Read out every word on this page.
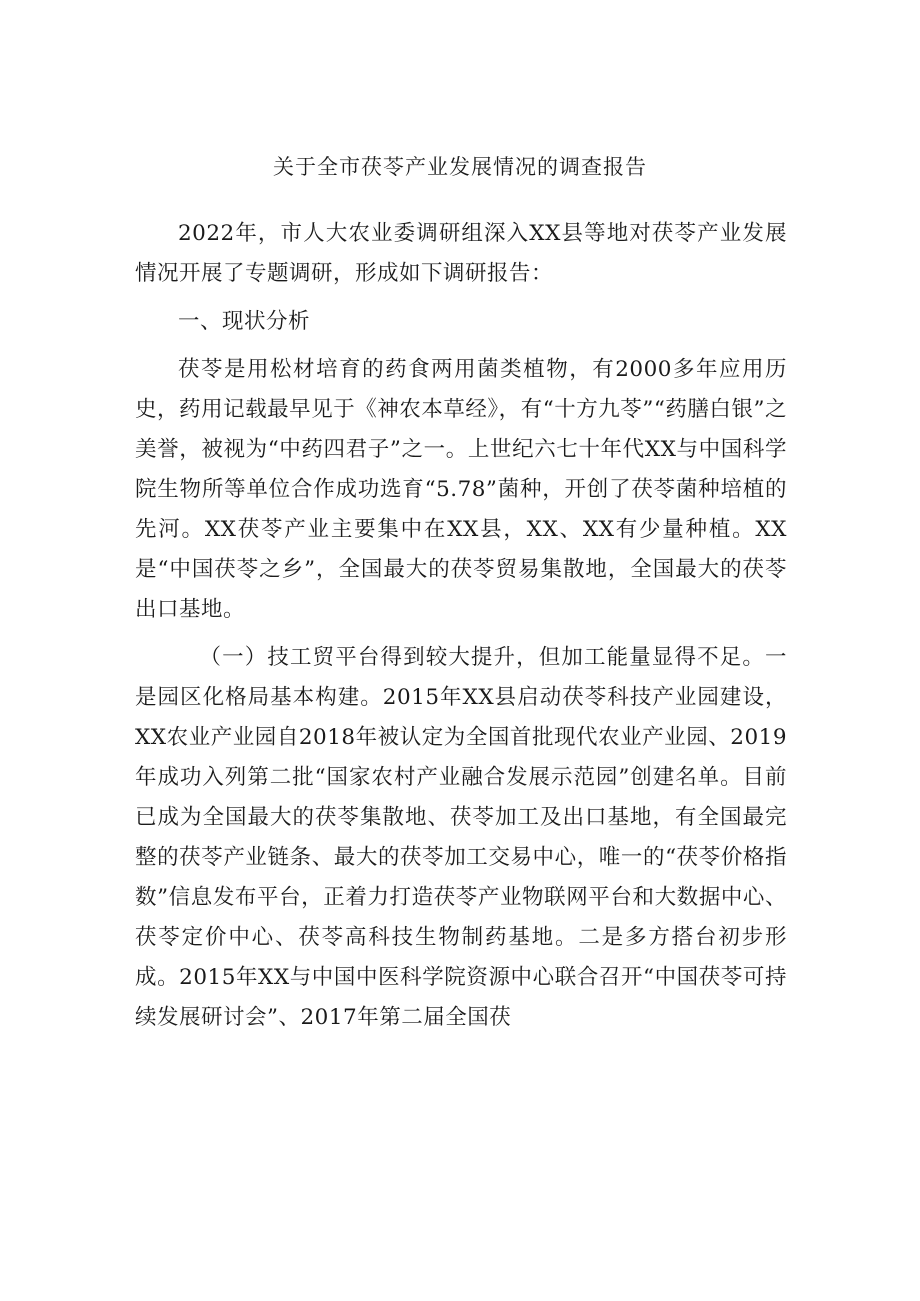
关于全市茯苓产业发展情况的调查报告

2022年，市人大农业委调研组深入XX县等地对茯苓产业发展情况开展了专题调研，形成如下调研报告：

一、现状分析

茯苓是用松材培育的药食两用菌类植物，有2000多年应用历史，药用记载最早见于《神农本草经》，有“十方九苓”“药膳白银”之美誉，被视为“中药四君子”之一。上世纪六七十年代XX与中国科学院生物所等单位合作成功选育“5.78”菌种，开创了茯苓菌种培植的先河。XX茯苓产业主要集中在XX县，XX、XX有少量种植。XX是“中国茯苓之乡”，全国最大的茯苓贸易集散地，全国最大的茯苓出口基地。

（一）技工贸平台得到较大提升，但加工能量显得不足。一是园区化格局基本构建。2015年XX县启动茯苓科技产业园建设，XX农业产业园自2018年被认定为全国首批现代农业产业园、2019年成功入列第二批“国家农村产业融合发展示范园”创建名单。目前已成为全国最大的茯苓集散地、茯苓加工及出口基地，有全国最完整的茯苓产业链条、最大的茯苓加工交易中心，唯一的“茯苓价格指数”信息发布平台，正着力打造茯苓产业物联网平台和大数据中心、茯苓定价中心、茯苓高科技生物制药基地。二是多方搭台初步形成。2015年XX与中国中医科学院资源中心联合召开“中国茯苓可持续发展研讨会”、2017年第二届全国茯
